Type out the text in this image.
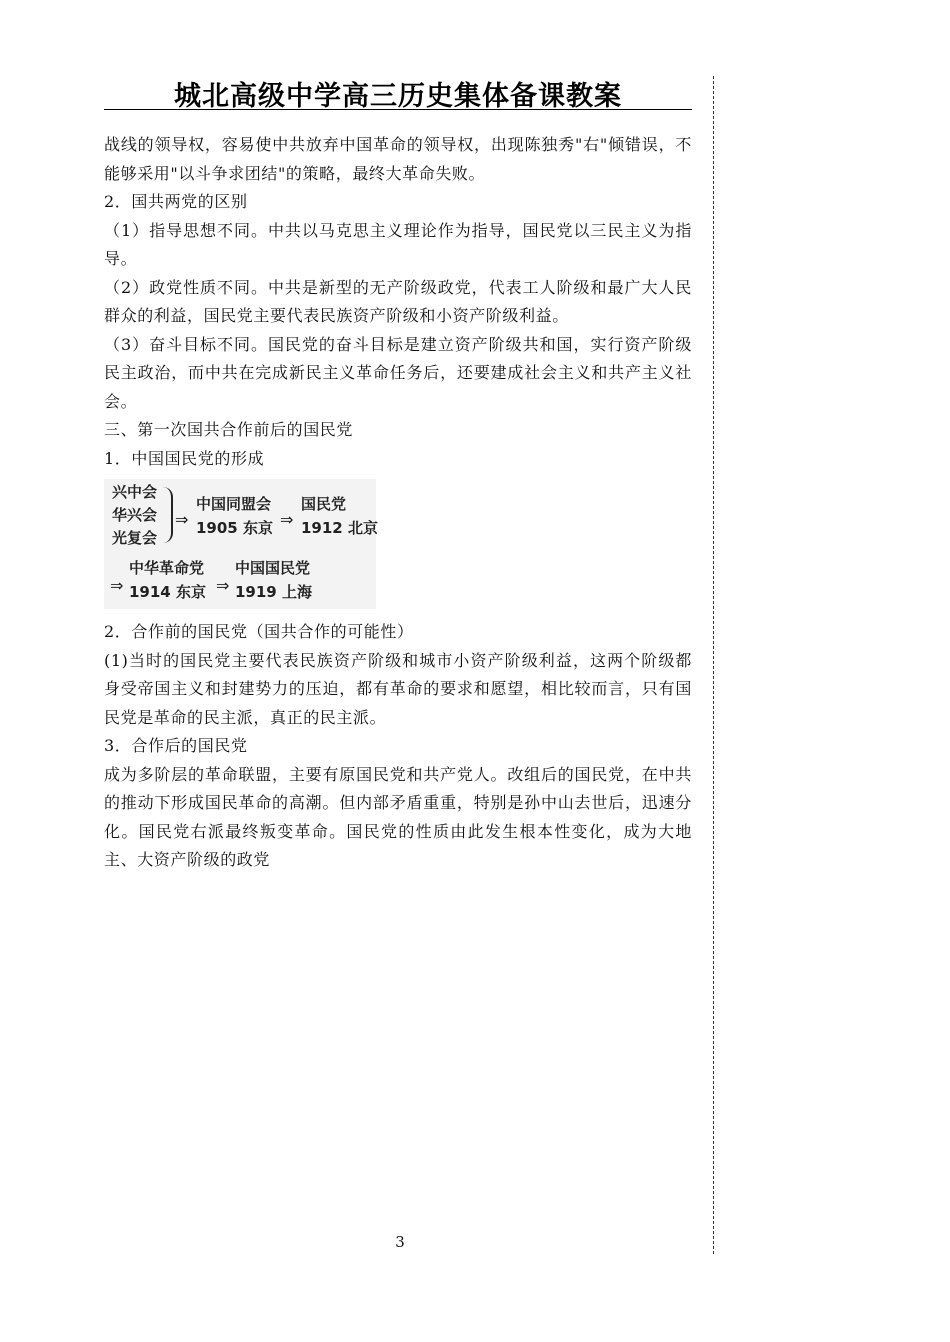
城北高级中学高三历史集体备课教案

战线的领导权，容易使中共放弃中国革命的领导权，出现陈独秀"右"倾错误，不能够采用"以斗争求团结"的策略，最终大革命失败。

2．国共两党的区别

（1）指导思想不同。中共以马克思主义理论作为指导，国民党以三民主义为指导。

（2）政党性质不同。中共是新型的无产阶级政党，代表工人阶级和最广大人民群众的利益，国民党主要代表民族资产阶级和小资产阶级利益。

（3）奋斗目标不同。国民党的奋斗目标是建立资产阶级共和国，实行资产阶级民主政治，而中共在完成新民主义革命任务后，还要建成社会主义和共产主义社会。

三、第一次国共合作前后的国民党

1．中国国民党的形成

兴中会
华兴会
光复会
⇒
中国同盟会
1905 东京 ⇒
国民党
1912 北京
中华革命党
⇒ 1914 东京
中国国民党
⇒ 1919 上海

2．合作前的国民党（国共合作的可能性）

(1)当时的国民党主要代表民族资产阶级和城市小资产阶级利益，这两个阶级都身受帝国主义和封建势力的压迫，都有革命的要求和愿望，相比较而言，只有国民党是革命的民主派，真正的民主派。

3．合作后的国民党

成为多阶层的革命联盟，主要有原国民党和共产党人。改组后的国民党，在中共的推动下形成国民革命的高潮。但内部矛盾重重，特别是孙中山去世后，迅速分化。国民党右派最终叛变革命。国民党的性质由此发生根本性变化，成为大地主、大资产阶级的政党

3
